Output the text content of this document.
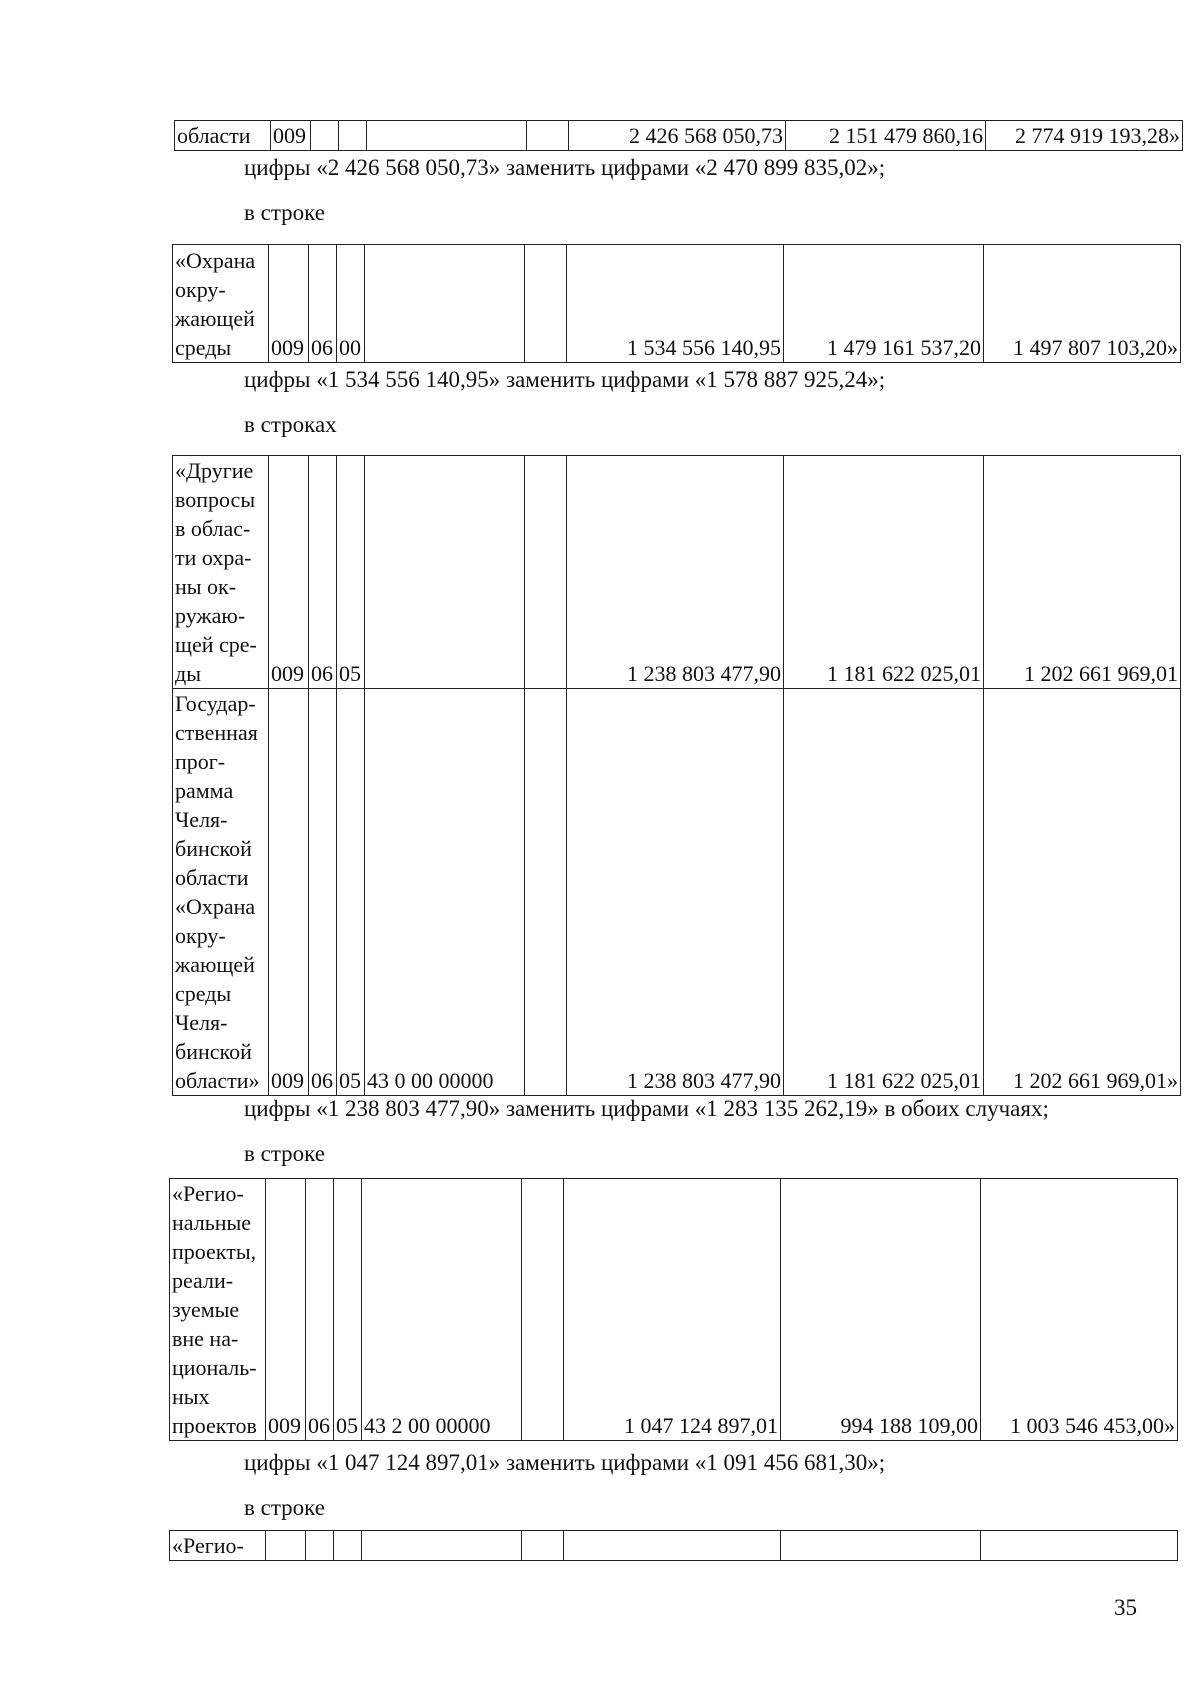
области	009					2 426 568 050,73	2 151 479 860,16	2 774 919 193,28»
цифры «2 426 568 050,73» заменить цифрами «2 470 899 835,02»;
в строке
«Охрана окру-жающей среды	009	06	00			1 534 556 140,95	1 479 161 537,20	1 497 807 103,20»
цифры «1 534 556 140,95» заменить цифрами «1 578 887 925,24»;
в строках
«Другие вопросы в облас-ти охра-ны ок-ружаю-щей сре-ды	009	06	05			1 238 803 477,90	1 181 622 025,01	1 202 661 969,01
Государ-ственная прог-рамма Челя-бинской области «Охрана окру-жающей среды Челя-бинской области»	009	06	05	43 0 00 00000		1 238 803 477,90	1 181 622 025,01	1 202 661 969,01»
цифры «1 238 803 477,90» заменить цифрами «1 283 135 262,19» в обоих случаях;
в строке
«Регио-нальные проекты, реали-зуемые вне на-циональ-ных проектов	009	06	05	43 2 00 00000		1 047 124 897,01	994 188 109,00	1 003 546 453,00»
цифры «1 047 124 897,01» заменить цифрами «1 091 456 681,30»;
в строке
«Регио-								
35
